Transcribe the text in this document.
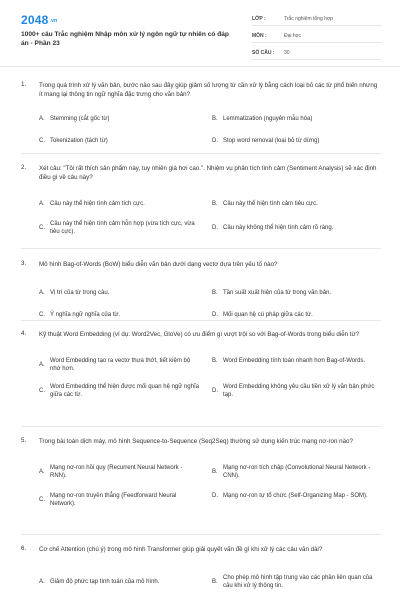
2048.vn
1000+ câu Trắc nghiệm Nhập môn xử lý ngôn ngữ tự nhiên có đáp án - Phần 23
LỚP :	Trắc nghiệm tổng hợp
MÔN :	Đại học
SỐ CÂU :	30
1. Trong quá trình xử lý văn bản, bước nào sau đây giúp giảm số lượng từ cần xử lý bằng cách loại bỏ các từ phổ biến nhưng ít mang lại thông tin ngữ nghĩa đặc trưng cho văn bản?
A. Stemming (cắt gốc từ)	B. Lemmatization (nguyên mẫu hóa)
C. Tokenization (tách từ)	D. Stop word removal (loại bỏ từ dừng)
2. Xét câu: "Tôi rất thích sản phẩm này, tuy nhiên giá hơi cao.". Nhiệm vụ phân tích tình cảm (Sentiment Analysis) sẽ xác định điều gì về câu này?
A. Câu này thể hiện tình cảm tích cực.	B. Câu này thể hiện tình cảm tiêu cực.
C.
Câu này thể hiện tình cảm hỗn hợp (vừa tích cực, vừa tiêu cực).
D. Câu này không thể hiện tình cảm rõ ràng.
3. Mô hình Bag-of-Words (BoW) biểu diễn văn bản dưới dạng vectơ dựa trên yếu tố nào?
A. Vị trí của từ trong câu.	B. Tần suất xuất hiện của từ trong văn bản.
C. Ý nghĩa ngữ nghĩa của từ.	D. Mối quan hệ cú pháp giữa các từ.
4. Kỹ thuật Word Embedding (ví dụ: Word2Vec, GloVe) có ưu điểm gì vượt trội so với Bag-of-Words trong biểu diễn từ?
A.
Word Embedding tạo ra vectơ thưa thớt, tiết kiệm bộ nhớ hơn.
B. Word Embedding tính toán nhanh hơn Bag-of-Words.
C.
Word Embedding thể hiện được mối quan hệ ngữ nghĩa giữa các từ.
D.
Word Embedding không yêu cầu tiền xử lý văn bản phức tạp.
5. Trong bài toán dịch máy, mô hình Sequence-to-Sequence (Seq2Seq) thường sử dụng kiến trúc mạng nơ-ron nào?
A.
Mạng nơ-ron hồi quy (Recurrent Neural Network - RNN).
B.
Mạng nơ-ron tích chập (Convolutional Neural Network - CNN).
C.
Mạng nơ-ron truyền thẳng (Feedforward Neural Network).
D. Mạng nơ-ron tự tổ chức (Self-Organizing Map - SOM).
6. Cơ chế Attention (chú ý) trong mô hình Transformer giúp giải quyết vấn đề gì khi xử lý các câu văn dài?
A. Giảm độ phức tạp tính toán của mô hình.	B.
Cho phép mô hình tập trung vào các phần liên quan của câu khi xử lý thông tin.
